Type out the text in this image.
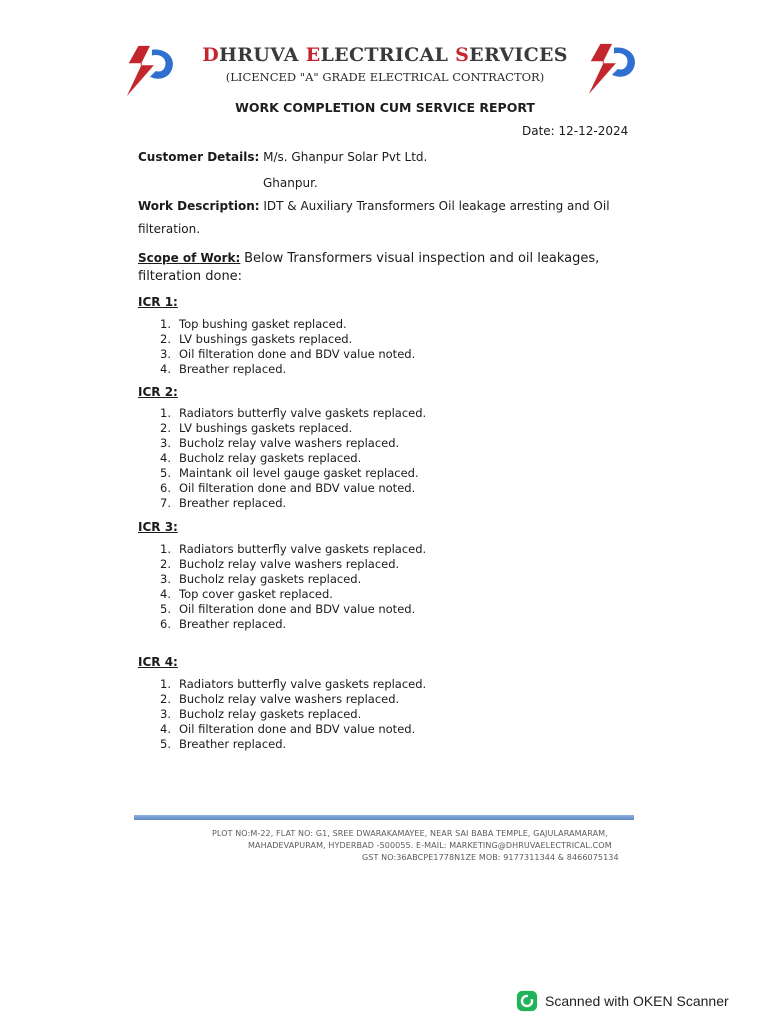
DHRUVA ELECTRICAL SERVICES
(LICENCED "A" GRADE ELECTRICAL CONTRACTOR)
WORK COMPLETION CUM SERVICE REPORT
Date: 12-12-2024
Customer Details: M/s. Ghanpur Solar Pvt Ltd.
Ghanpur.
Work Description: IDT & Auxiliary Transformers Oil leakage arresting and Oil
filteration.
Scope of Work: Below Transformers visual inspection and oil leakages,
filteration done:
ICR 1:
1. Top bushing gasket replaced.
2. LV bushings gaskets replaced.
3. Oil filteration done and BDV value noted.
4. Breather replaced.
ICR 2:
1. Radiators butterfly valve gaskets replaced.
2. LV bushings gaskets replaced.
3. Bucholz relay valve washers replaced.
4. Bucholz relay gaskets replaced.
5. Maintank oil level gauge gasket replaced.
6. Oil filteration done and BDV value noted.
7. Breather replaced.
ICR 3:
1. Radiators butterfly valve gaskets replaced.
2. Bucholz relay valve washers replaced.
3. Bucholz relay gaskets replaced.
4. Top cover gasket replaced.
5. Oil filteration done and BDV value noted.
6. Breather replaced.
ICR 4:
1. Radiators butterfly valve gaskets replaced.
2. Bucholz relay valve washers replaced.
3. Bucholz relay gaskets replaced.
4. Oil filteration done and BDV value noted.
5. Breather replaced.
PLOT NO:M-22, FLAT NO: G1, SREE DWARAKAMAYEE, NEAR SAI BABA TEMPLE, GAJULARAMARAM,
MAHADEVAPURAM, HYDERBAD -500055. E-MAIL: MARKETING@DHRUVAELECTRICAL.COM
GST NO:36ABCPE1778N1ZE MOB: 9177311344 & 8466075134
Scanned with OKEN Scanner
